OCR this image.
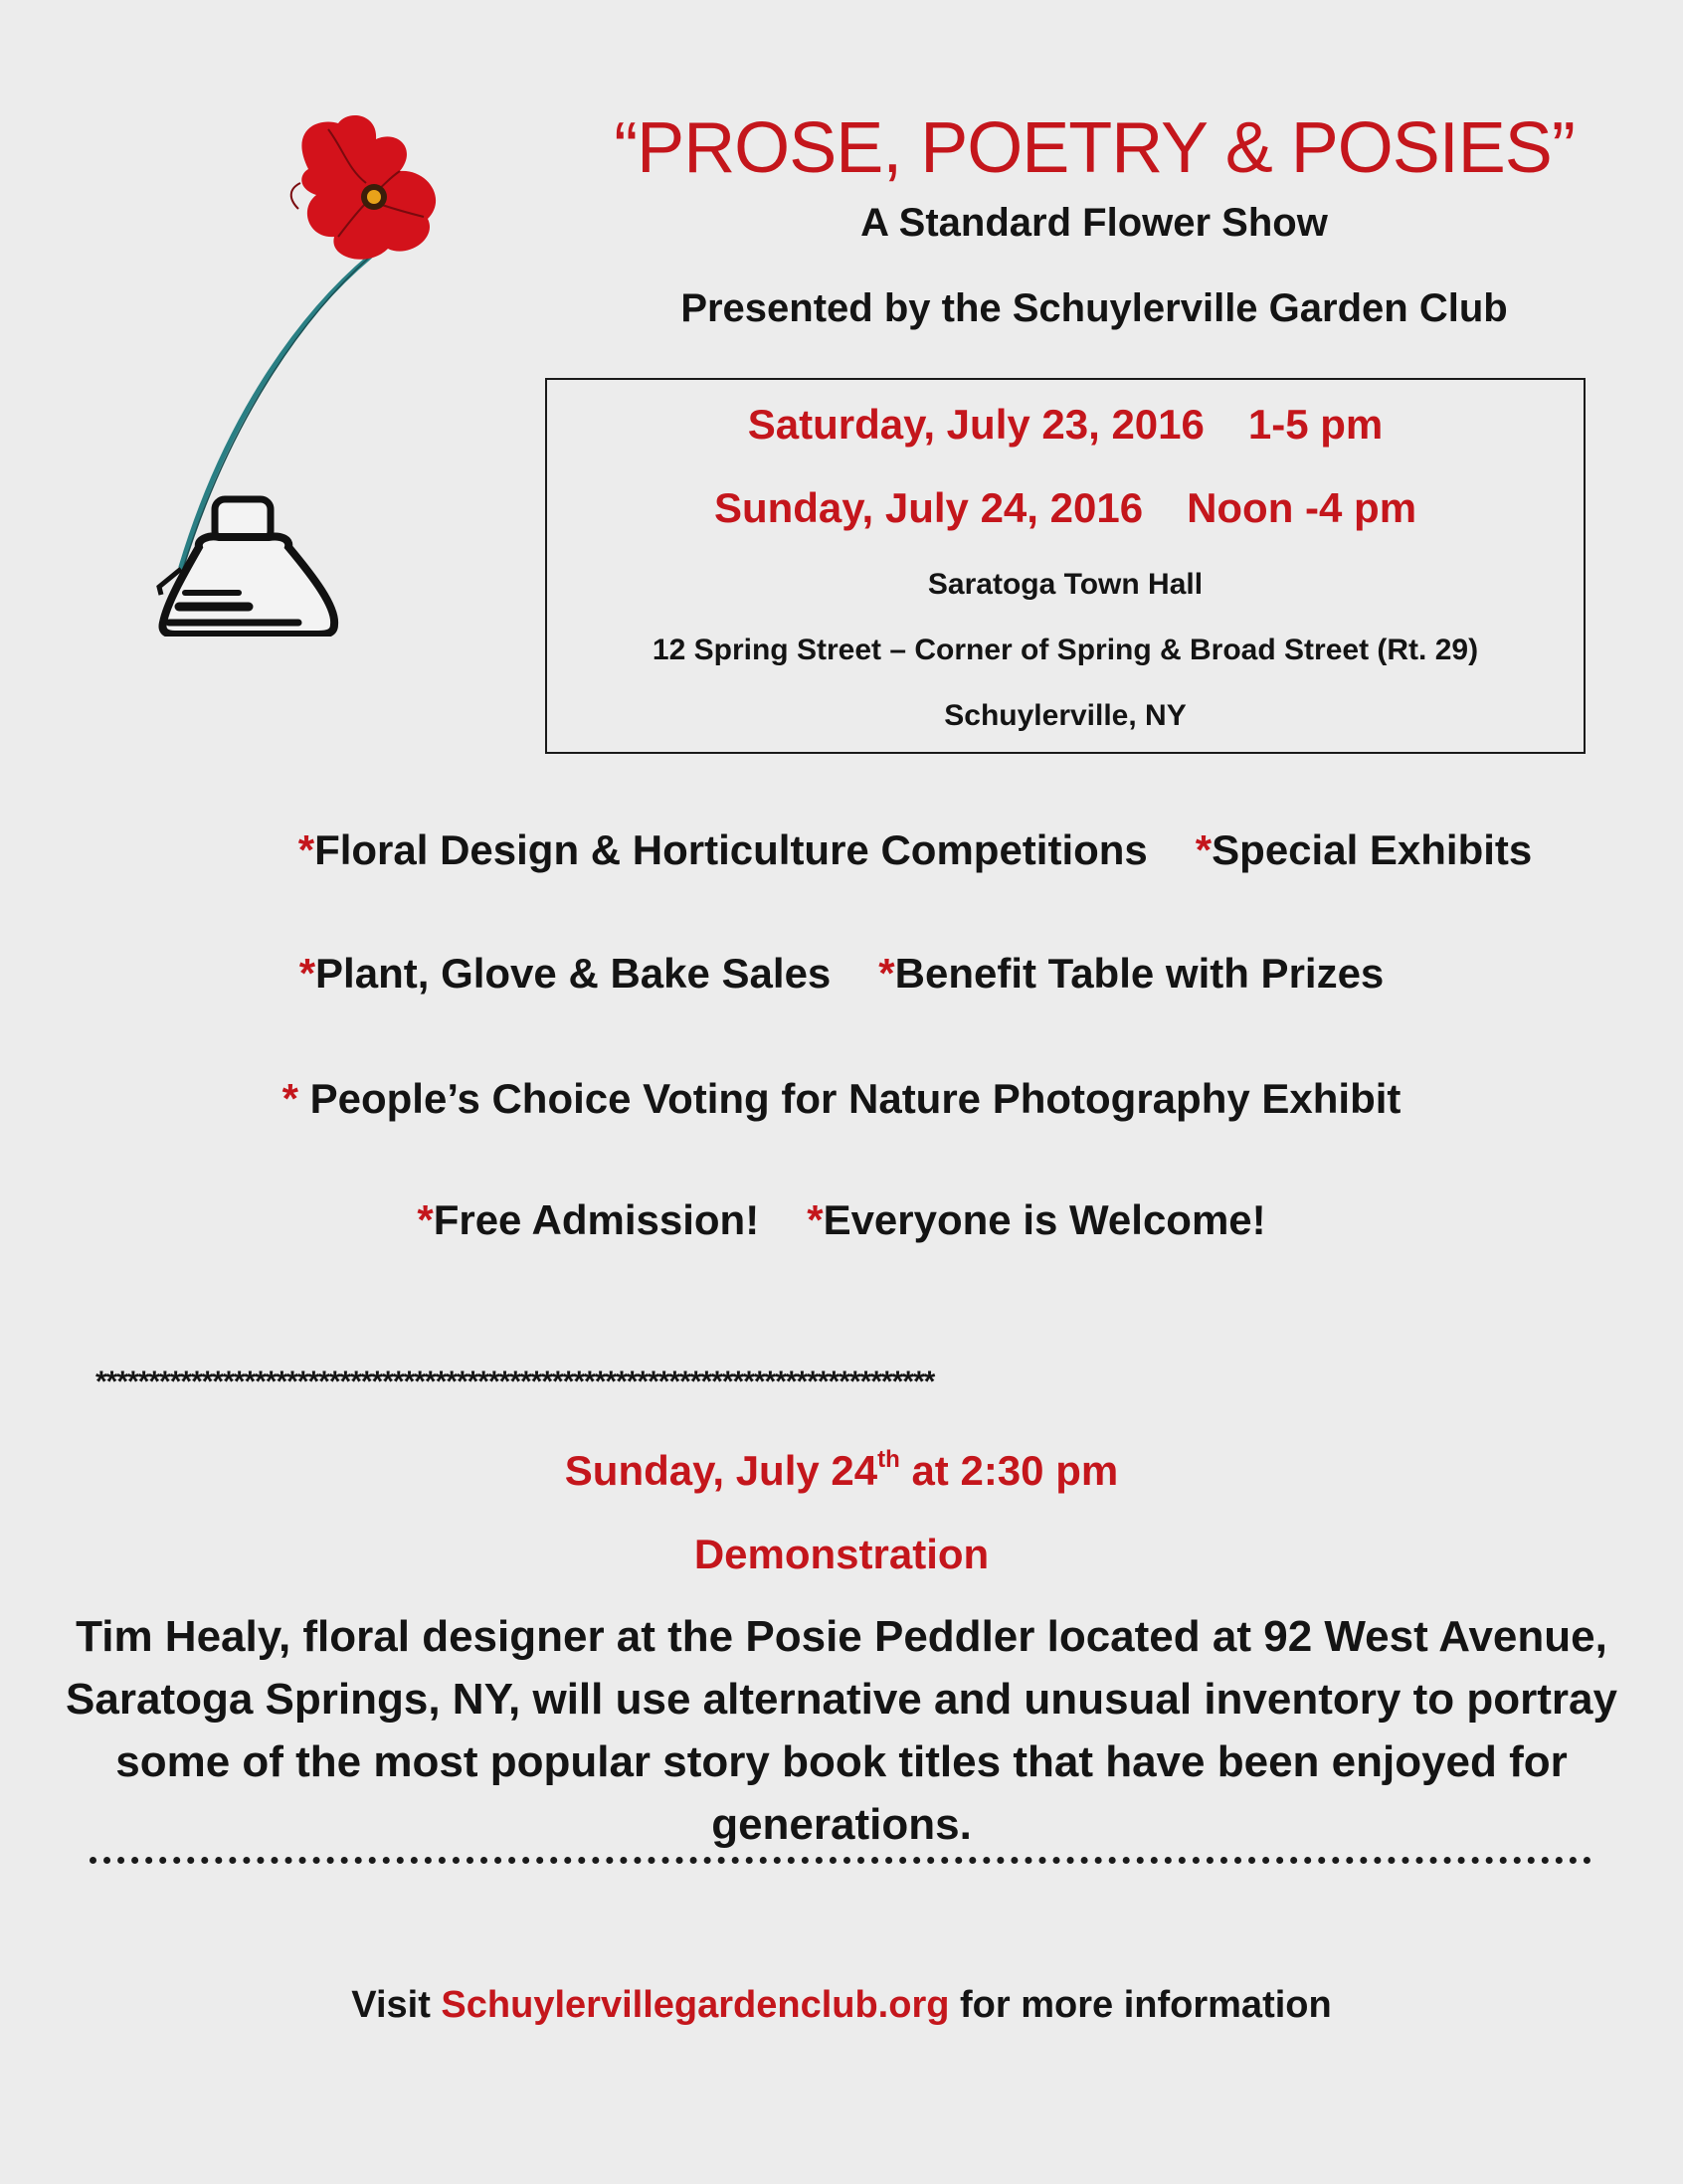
“PROSE, POETRY & POSIES”
A Standard Flower Show
Presented by the Schuylerville Garden Club
Saturday, July 23, 2016 1-5 pm
Sunday, July 24, 2016 Noon -4 pm
Saratoga Town Hall
12 Spring Street – Corner of Spring & Broad Street (Rt. 29)
Schuylerville, NY
*Floral Design & Horticulture Competitions *Special Exhibits
*Plant, Glove & Bake Sales *Benefit Table with Prizes
* People’s Choice Voting for Nature Photography Exhibit
*Free Admission! *Everyone is Welcome!
*******************************************************************************
Sunday, July 24th at 2:30 pm
Demonstration
Tim Healy, floral designer at the Posie Peddler located at 92 West Avenue, Saratoga Springs, NY, will use alternative and unusual inventory to portray some of the most popular story book titles that have been enjoyed for generations.
Visit Schuylervillegardenclub.org for more information
